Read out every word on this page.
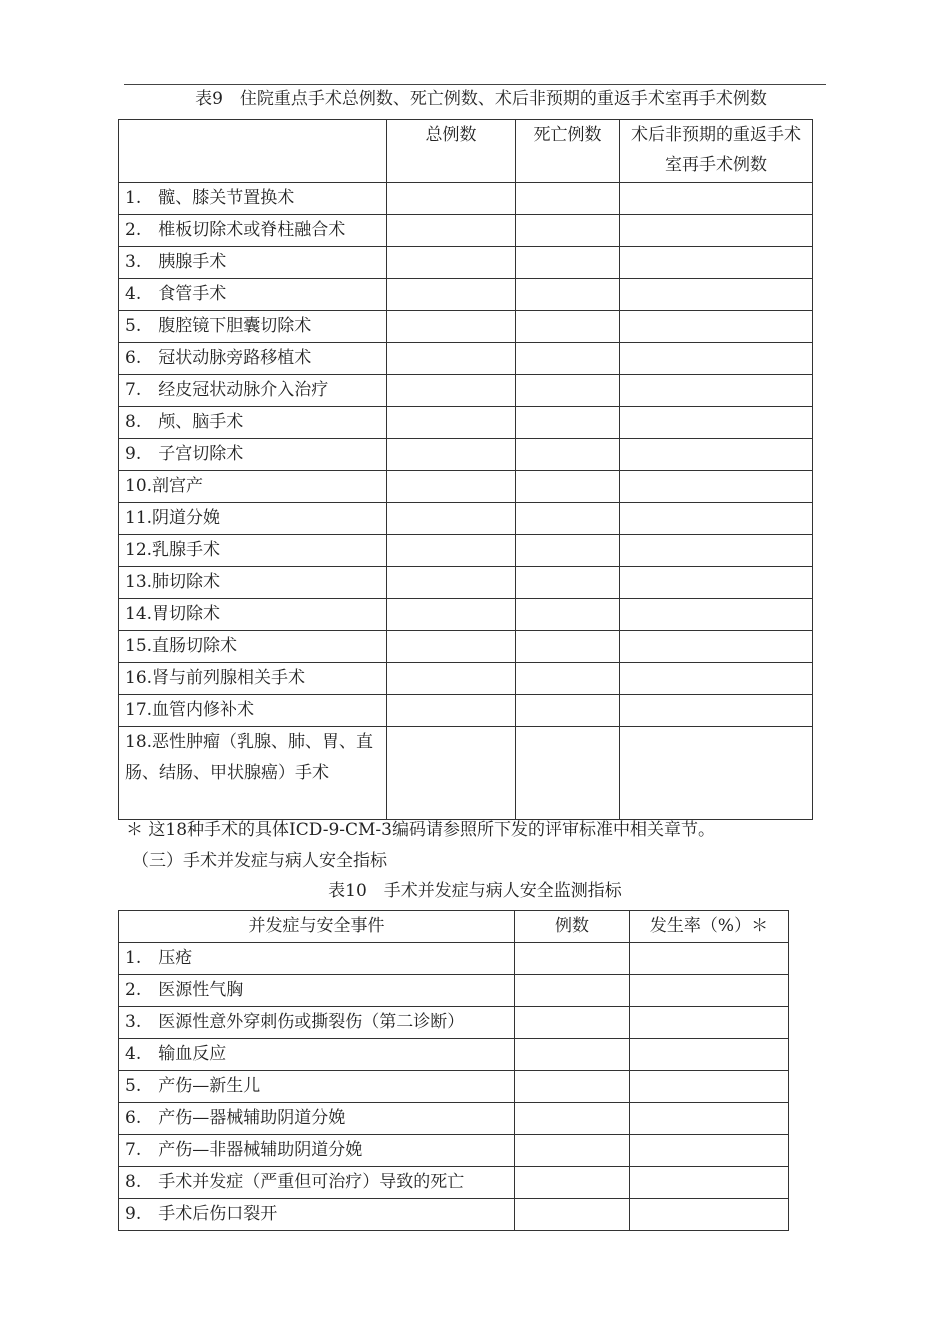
表9　住院重点手术总例数、死亡例数、术后非预期的重返手术室再手术例数
	总例数	死亡例数	术后非预期的重返手术室再手术例数
1.　髋、膝关节置换术			
2.　椎板切除术或脊柱融合术			
3.　胰腺手术			
4.　食管手术			
5.　腹腔镜下胆囊切除术			
6.　冠状动脉旁路移植术			
7.　经皮冠状动脉介入治疗			
8.　颅、脑手术			
9.　子宫切除术			
10.剖宫产			
11.阴道分娩			
12.乳腺手术			
13.肺切除术			
14.胃切除术			
15.直肠切除术			
16.肾与前列腺相关手术			
17.血管内修补术			
18.恶性肿瘤（乳腺、肺、胃、直肠、结肠、甲状腺癌）手术			
＊ 这18种手术的具体ICD-9-CM-3编码请参照所下发的评审标准中相关章节。
（三）手术并发症与病人安全指标
表10　手术并发症与病人安全监测指标
并发症与安全事件	例数	发生率（%）＊
1.　压疮		
2.　医源性气胸		
3.　医源性意外穿刺伤或撕裂伤（第二诊断）		
4.　输血反应		
5.　产伤—新生儿		
6.　产伤—器械辅助阴道分娩		
7.　产伤—非器械辅助阴道分娩		
8.　手术并发症（严重但可治疗）导致的死亡		
9.　手术后伤口裂开		
